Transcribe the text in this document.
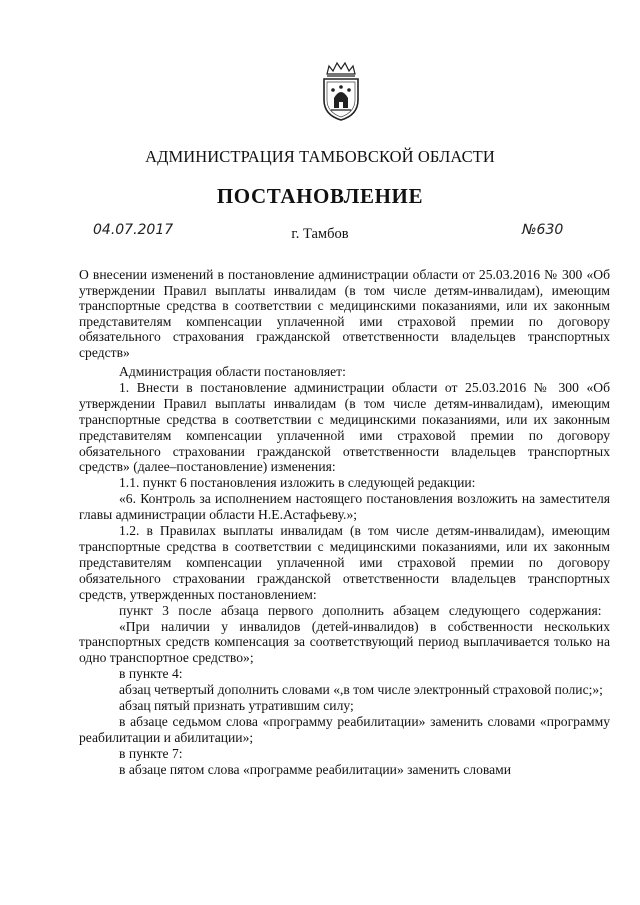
АДМИНИСТРАЦИЯ ТАМБОВСКОЙ ОБЛАСТИ
ПОСТАНОВЛЕНИЕ
04.07.2017	г. Тамбов	№630
О внесении изменений в постановление администрации области от 25.03.2016 № 300 «Об утверждении Правил выплаты инвалидам (в том числе детям-инвалидам), имеющим транспортные средства в соответствии с медицинскими показаниями, или их законным представителям компенсации уплаченной ими страховой премии по договору обязательного страхования гражданской ответственности владельцев транспортных средств»

Администрация области постановляет:

1. Внести в постановление администрации области от 25.03.2016 № 300 «Об утверждении Правил выплаты инвалидам (в том числе детям-инвалидам), имеющим транспортные средства в соответствии с медицинскими показаниями, или их законным представителям компенсации уплаченной ими страховой премии по договору обязательного страховании гражданской ответственности владельцев транспортных средств» (далее–постановление) изменения:

1.1. пункт 6 постановления изложить в следующей редакции:

«6. Контроль за исполнением настоящего постановления возложить на заместителя главы администрации области Н.Е.Астафьеву.»;

1.2. в Правилах выплаты инвалидам (в том числе детям-инвалидам), имеющим транспортные средства в соответствии с медицинскими показаниями, или их законным представителям компенсации уплаченной ими страховой премии по договору обязательного страховании гражданской ответственности владельцев транспортных средств, утвержденных постановлением:

пункт 3 после абзаца первого дополнить абзацем следующего содержания:

«При наличии у инвалидов (детей-инвалидов) в собственности нескольких транспортных средств компенсация за соответствующий период выплачивается только на одно транспортное средство»;

в пункте 4:

абзац четвертый дополнить словами «,в том числе электронный страховой полис;»;

абзац пятый признать утратившим силу;

в абзаце седьмом слова «программу реабилитации» заменить словами «программу реабилитации и абилитации»;

в пункте 7:

в абзаце пятом слова «программе реабилитации» заменить словами
